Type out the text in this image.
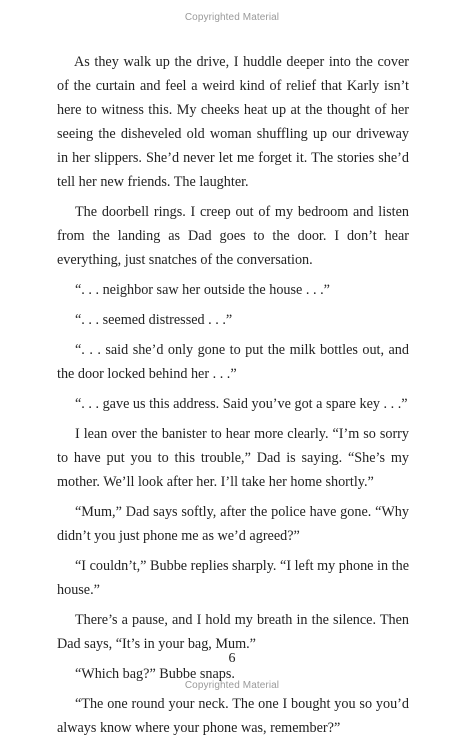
Copyrighted Material

As they walk up the drive, I huddle deeper into the cover of the curtain and feel a weird kind of relief that Karly isn’t here to witness this. My cheeks heat up at the thought of her seeing the disheveled old woman shuffling up our driveway in her slippers. She’d never let me forget it. The stories she’d tell her new friends. The laughter.

The doorbell rings. I creep out of my bedroom and listen from the landing as Dad goes to the door. I don’t hear everything, just snatches of the conversation.

“. . . neighbor saw her outside the house . . .”

“. . . seemed distressed . . .”

“. . . said she’d only gone to put the milk bottles out, and the door locked behind her . . .”

“. . . gave us this address. Said you’ve got a spare key . . .”

I lean over the banister to hear more clearly. “I’m so sorry to have put you to this trouble,” Dad is saying. “She’s my mother. We’ll look after her. I’ll take her home shortly.”

“Mum,” Dad says softly, after the police have gone. “Why didn’t you just phone me as we’d agreed?”

“I couldn’t,” Bubbe replies sharply. “I left my phone in the house.”

There’s a pause, and I hold my breath in the silence. Then Dad says, “It’s in your bag, Mum.”

“Which bag?” Bubbe snaps.

“The one round your neck. The one I bought you so you’d always know where your phone was, remember?”

6
Copyrighted Material
